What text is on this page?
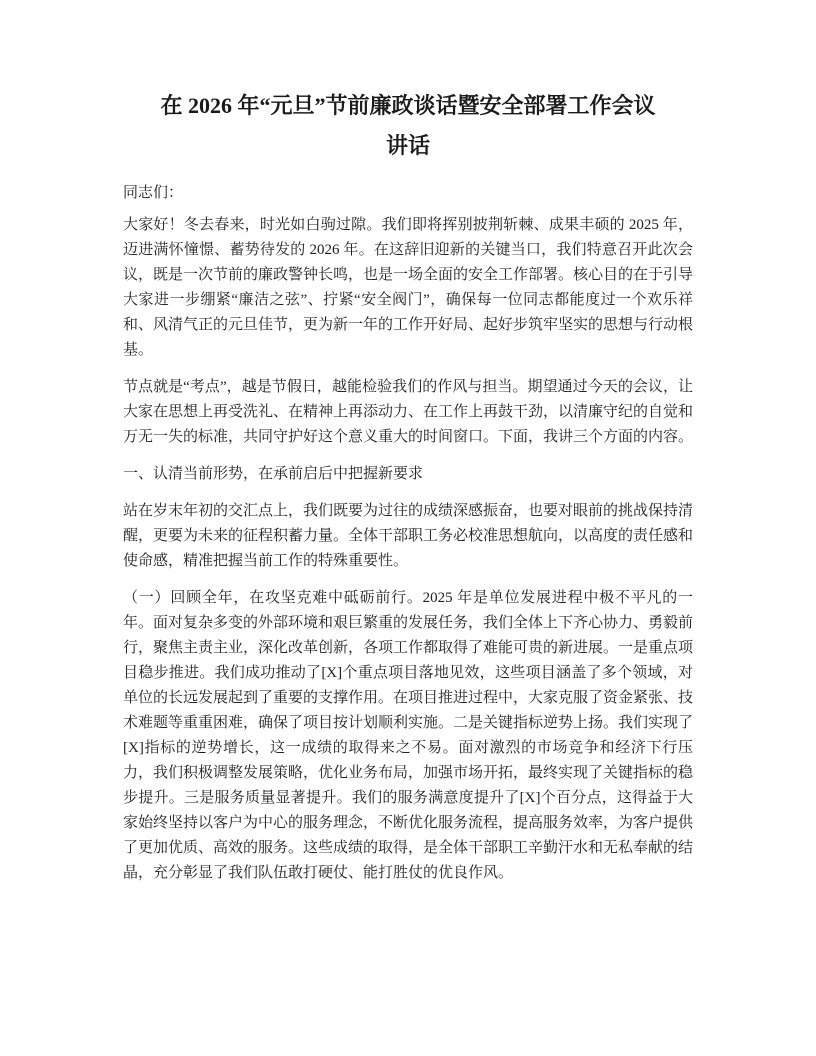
在 2026 年“元旦”节前廉政谈话暨安全部署工作会议
讲话

同志们：

大家好！冬去春来，时光如白驹过隙。我们即将挥别披荆斩棘、成果丰硕的 2025 年，迈进满怀憧憬、蓄势待发的 2026 年。在这辞旧迎新的关键当口，我们特意召开此次会议，既是一次节前的廉政警钟长鸣，也是一场全面的安全工作部署。核心目的在于引导大家进一步绷紧“廉洁之弦”、拧紧“安全阀门”，确保每一位同志都能度过一个欢乐祥和、风清气正的元旦佳节，更为新一年的工作开好局、起好步筑牢坚实的思想与行动根基。

节点就是“考点”，越是节假日，越能检验我们的作风与担当。期望通过今天的会议，让大家在思想上再受洗礼、在精神上再添动力、在工作上再鼓干劲，以清廉守纪的自觉和万无一失的标准，共同守护好这个意义重大的时间窗口。下面，我讲三个方面的内容。

一、认清当前形势，在承前启后中把握新要求

站在岁末年初的交汇点上，我们既要为过往的成绩深感振奋，也要对眼前的挑战保持清醒，更要为未来的征程积蓄力量。全体干部职工务必校准思想航向，以高度的责任感和使命感，精准把握当前工作的特殊重要性。

（一）回顾全年，在攻坚克难中砥砺前行。2025 年是单位发展进程中极不平凡的一年。面对复杂多变的外部环境和艰巨繁重的发展任务，我们全体上下齐心协力、勇毅前行，聚焦主责主业，深化改革创新，各项工作都取得了难能可贵的新进展。一是重点项目稳步推进。我们成功推动了[X]个重点项目落地见效，这些项目涵盖了多个领域，对单位的长远发展起到了重要的支撑作用。在项目推进过程中，大家克服了资金紧张、技术难题等重重困难，确保了项目按计划顺利实施。二是关键指标逆势上扬。我们实现了[X]指标的逆势增长，这一成绩的取得来之不易。面对激烈的市场竞争和经济下行压力，我们积极调整发展策略，优化业务布局，加强市场开拓，最终实现了关键指标的稳步提升。三是服务质量显著提升。我们的服务满意度提升了[X]个百分点，这得益于大家始终坚持以客户为中心的服务理念，不断优化服务流程，提高服务效率，为客户提供了更加优质、高效的服务。这些成绩的取得，是全体干部职工辛勤汗水和无私奉献的结晶，充分彰显了我们队伍敢打硬仗、能打胜仗的优良作风。
